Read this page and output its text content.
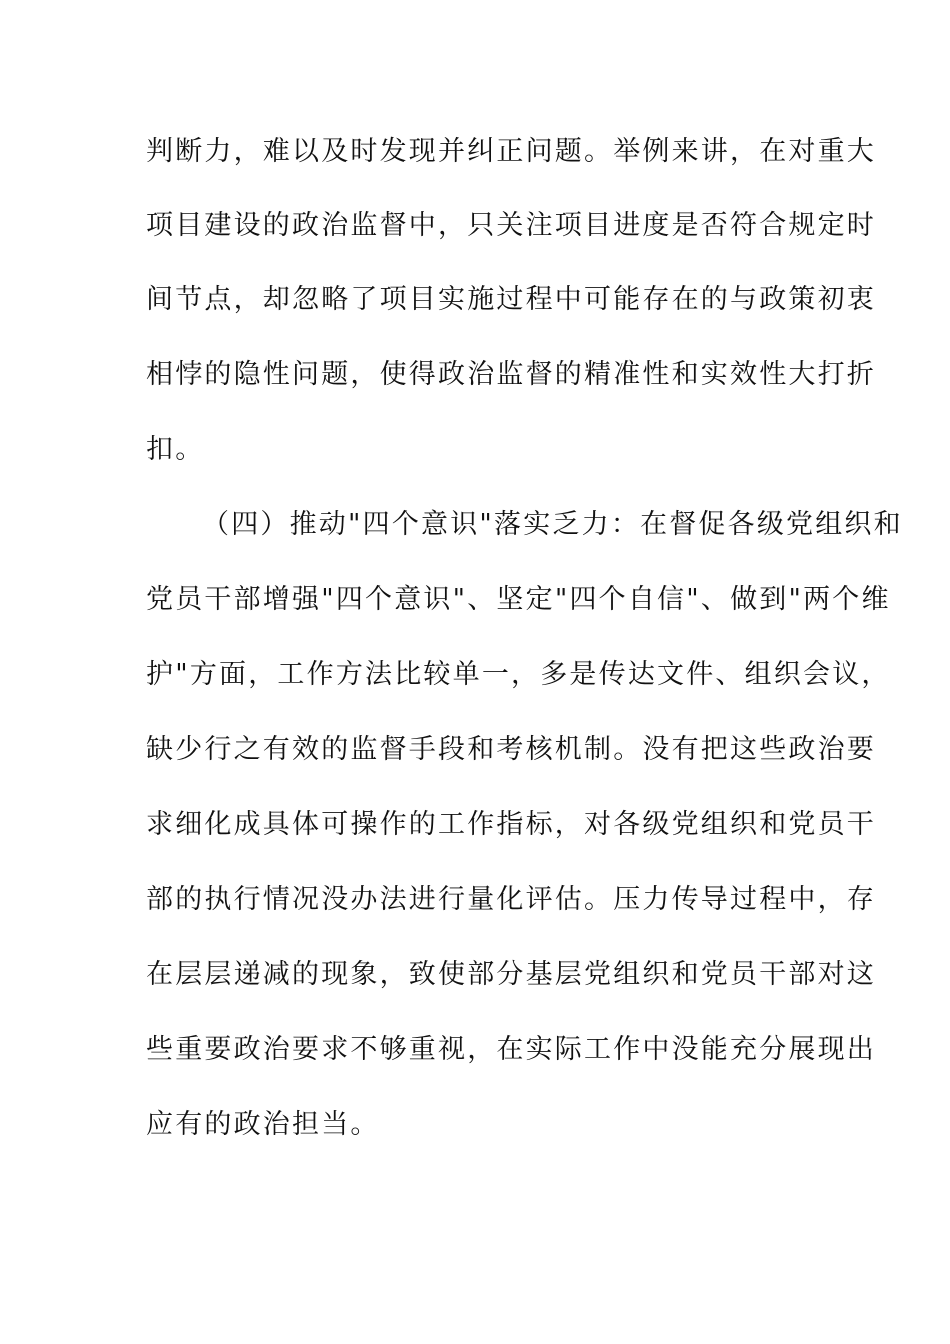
判断力，难以及时发现并纠正问题。举例来讲，在对重大
项目建设的政治监督中，只关注项目进度是否符合规定时
间节点，却忽略了项目实施过程中可能存在的与政策初衷
相悖的隐性问题，使得政治监督的精准性和实效性大打折
扣。
（四）推动"四个意识"落实乏力：在督促各级党组织和
党员干部增强"四个意识"、坚定"四个自信"、做到"两个维
护"方面，工作方法比较单一，多是传达文件、组织会议，
缺少行之有效的监督手段和考核机制。没有把这些政治要
求细化成具体可操作的工作指标，对各级党组织和党员干
部的执行情况没办法进行量化评估。压力传导过程中，存
在层层递减的现象，致使部分基层党组织和党员干部对这
些重要政治要求不够重视，在实际工作中没能充分展现出
应有的政治担当。
